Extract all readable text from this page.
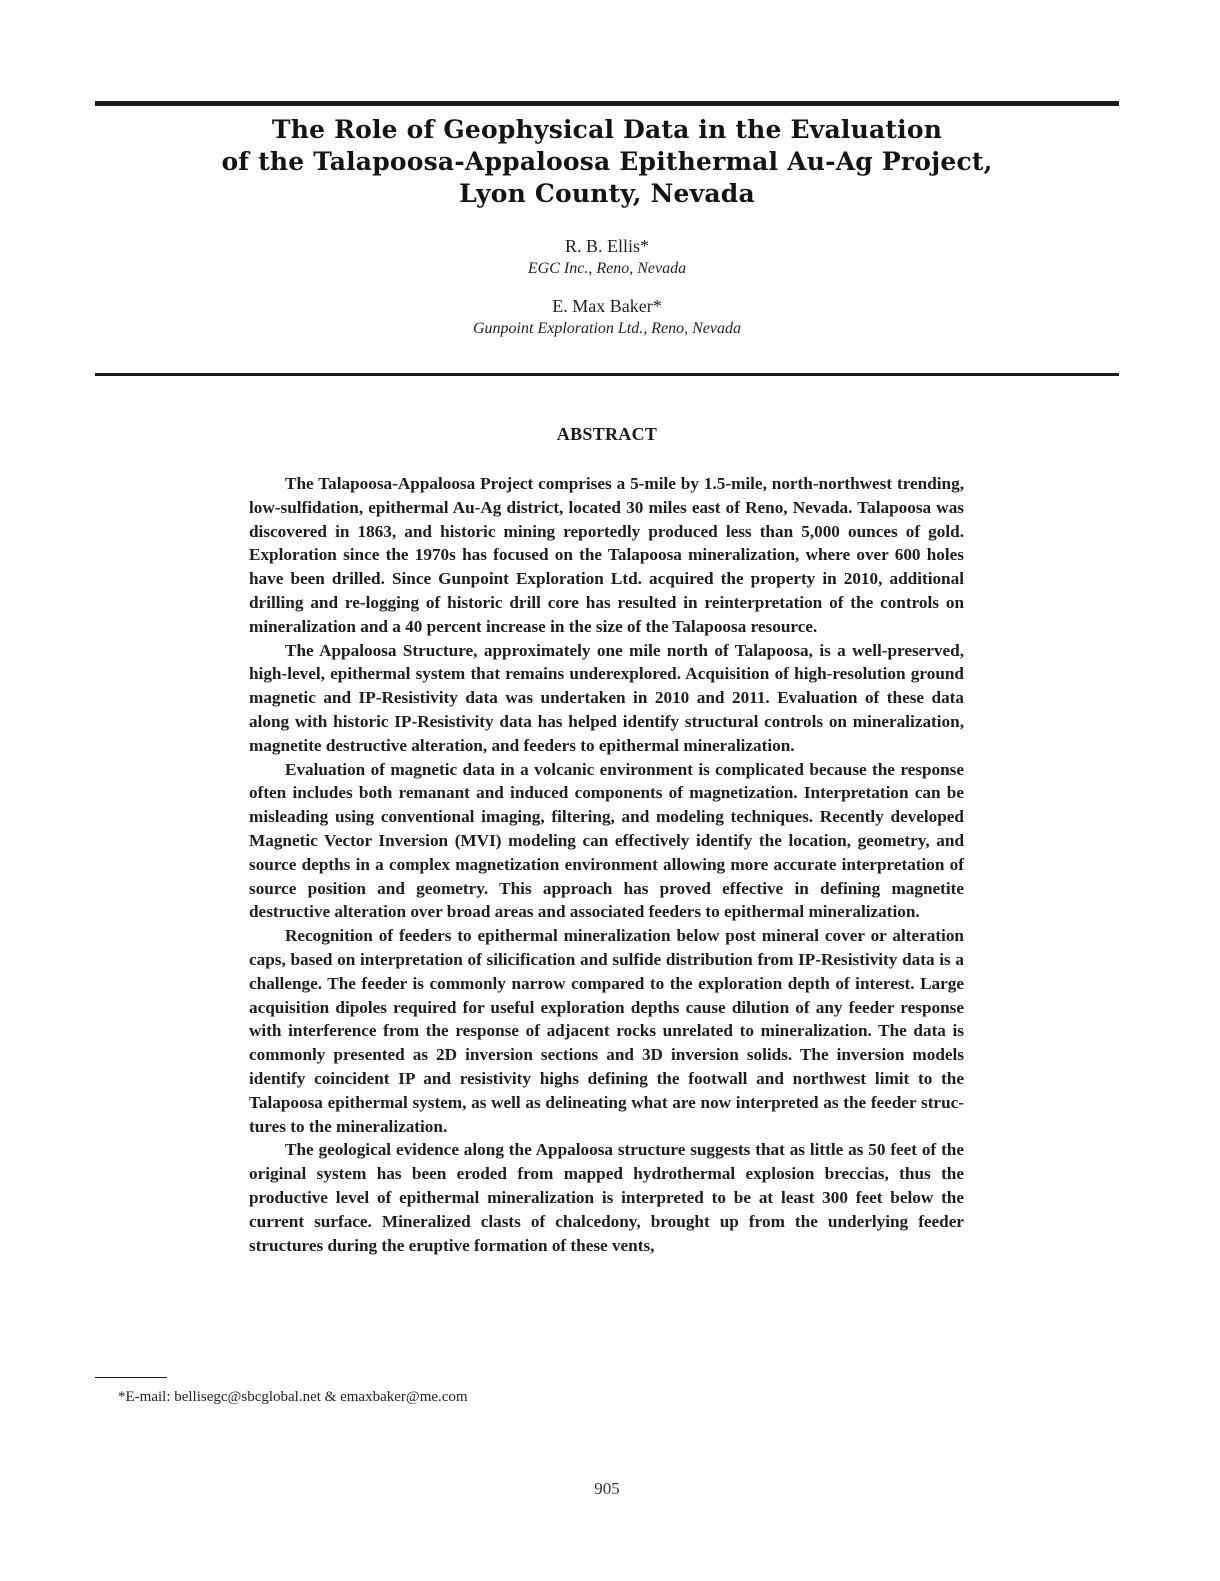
The Role of Geophysical Data in the Evaluation
of the Talapoosa-Appaloosa Epithermal Au-Ag Project,
Lyon County, Nevada
R. B. Ellis*
EGC Inc., Reno, Nevada
E. Max Baker*
Gunpoint Exploration Ltd., Reno, Nevada
ABSTRACT

The Talapoosa-Appaloosa Project comprises a 5-mile by 1.5-mile, north-northwest trending, low-sulfidation, epithermal Au-Ag district, located 30 miles east of Reno, Nevada. Talapoosa was discovered in 1863, and historic mining reportedly produced less than 5,000 ounces of gold. Exploration since the 1970s has focused on the Talapoosa mineralization, where over 600 holes have been drilled. Since Gunpoint Exploration Ltd. acquired the property in 2010, additional drilling and re-logging of historic drill core has resulted in reinterpretation of the controls on mineralization and a 40 percent increase in the size of the Talapoosa resource.

The Appaloosa Structure, approximately one mile north of Talapoosa, is a well-preserved, high-level, epithermal system that remains underexplored. Acquisition of high-resolution ground magnetic and IP-Resistivity data was undertaken in 2010 and 2011. Evaluation of these data along with historic IP-Resistivity data has helped identify structural controls on mineralization, magnetite destructive alteration, and feeders to epithermal mineralization.

Evaluation of magnetic data in a volcanic environment is complicated because the response often includes both remanant and induced components of magnetization. Interpretation can be misleading using conventional imaging, filtering, and modeling techniques. Recently developed Magnetic Vector Inversion (MVI) modeling can effectively identify the location, geometry, and source depths in a complex magnetization environment allowing more accurate interpretation of source position and geometry. This approach has proved effective in defining magnetite destructive alteration over broad areas and associated feeders to epithermal mineralization.

Recognition of feeders to epithermal mineralization below post mineral cover or alteration caps, based on interpretation of silicification and sulfide distribution from IP-Resistivity data is a challenge. The feeder is commonly narrow compared to the exploration depth of interest. Large acquisition dipoles required for useful exploration depths cause dilution of any feeder response with interference from the response of adjacent rocks unrelated to mineralization. The data is commonly presented as 2D inversion sections and 3D inversion solids. The inversion models identify coincident IP and resistivity highs defining the footwall and northwest limit to the Talapoosa epithermal system, as well as delineating what are now interpreted as the feeder structures to the mineralization.

The geological evidence along the Appaloosa structure suggests that as little as 50 feet of the original system has been eroded from mapped hydrothermal explosion breccias, thus the productive level of epithermal mineralization is interpreted to be at least 300 feet below the current surface. Mineralized clasts of chalcedony, brought up from the underlying feeder structures during the eruptive formation of these vents,

*E-mail: bellisegc@sbcglobal.net & emaxbaker@me.com
905
